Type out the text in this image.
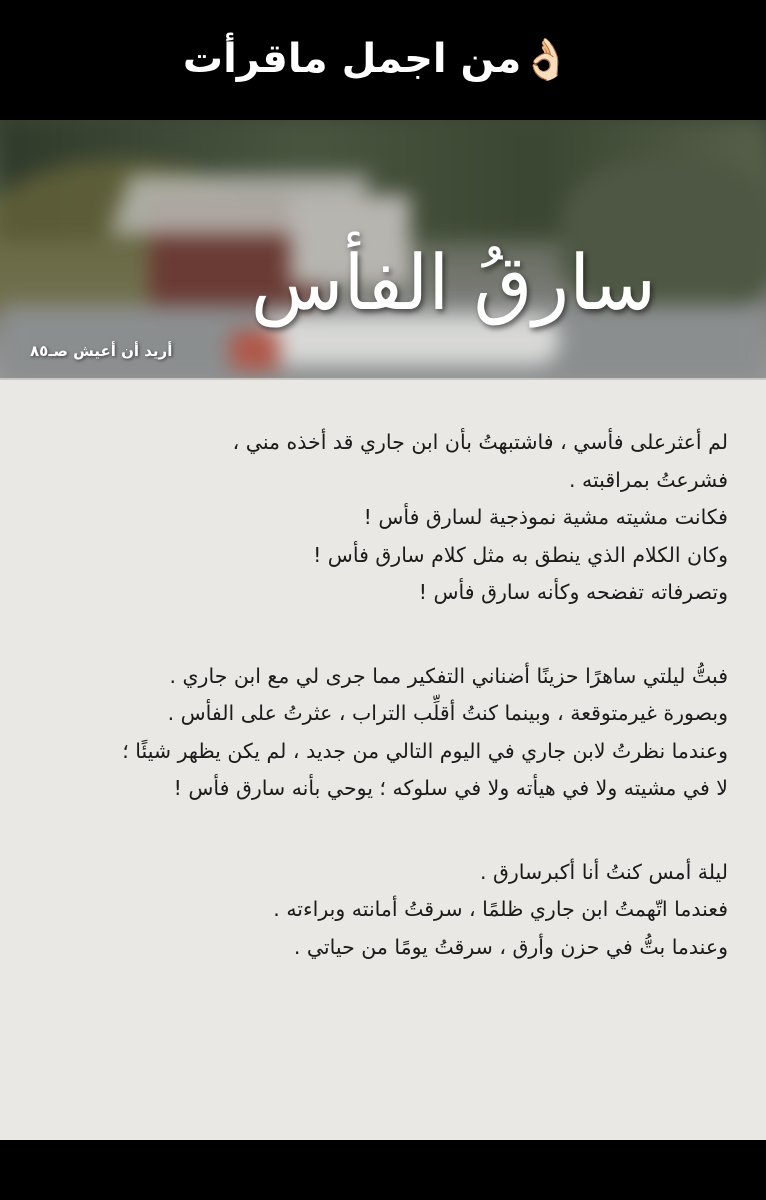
من اجمل ماقرأت 👌🏻
سارقُ الفأس
أريد أن أعيش صـ٨٥
لم أعثرعلى فأسي ، فاشتبهتُ بأن ابن جاري قد أخذه مني ،
فشرعتُ بمراقبته .
فكانت مشيته مشية نموذجية لسارق فأس !
وكان الكلام الذي ينطق به مثل كلام سارق فأس !
وتصرفاته تفضحه وكأنه سارق فأس !
فبتُّ ليلتي ساهرًا حزينًا أضناني التفكير مما جرى لي مع ابن جاري .
وبصورة غيرمتوقعة ، وبينما كنتُ أقلِّب التراب ، عثرتُ على الفأس .
وعندما نظرتُ لابن جاري في اليوم التالي من جديد ، لم يكن يظهر شيئًا ؛
لا في مشيته ولا في هيأته ولا في سلوكه ؛ يوحي بأنه سارق فأس !
ليلة أمس كنتُ أنا أكبرسارق .
فعندما اتّهمتُ ابن جاري ظلمًا ، سرقتُ أمانته وبراءته .
وعندما بتُّ في حزن وأرق ، سرقتُ يومًا من حياتي .
